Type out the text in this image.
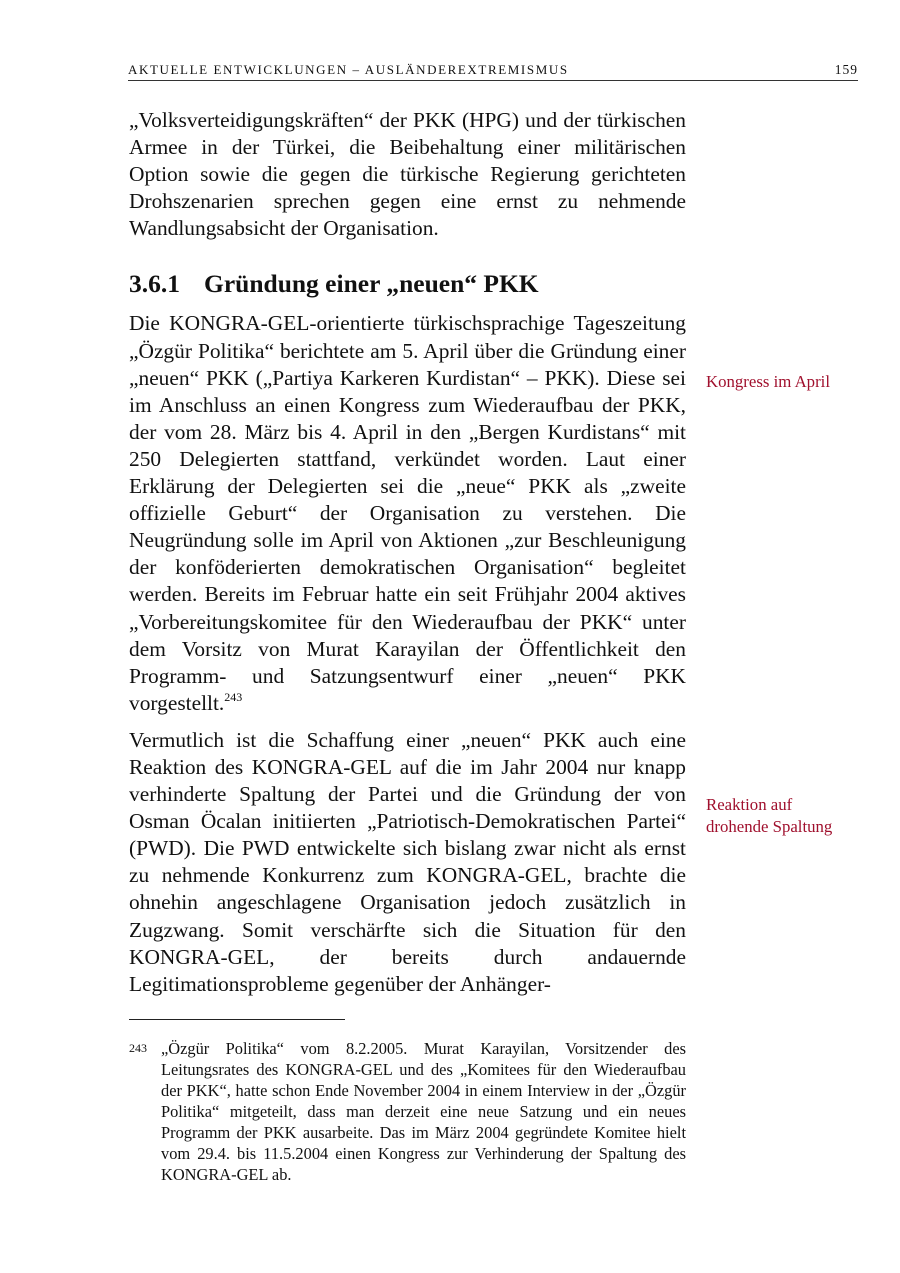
AKTUELLE ENTWICKLUNGEN – AUSLÄNDEREXTREMISMUS	159

„Volksverteidigungskräften“ der PKK (HPG) und der türkischen Armee in der Türkei, die Beibehaltung einer militärischen Option sowie die gegen die türkische Regierung gerichteten Drohszenarien sprechen gegen eine ernst zu nehmende Wandlungsabsicht der Organisation.

3.6.1 Gründung einer „neuen“ PKK

Die KONGRA-GEL-orientierte türkischsprachige Tageszeitung „Özgür Politika“ berichtete am 5. April über die Gründung einer „neuen“ PKK („Partiya Karkeren Kurdistan“ – PKK). Diese sei im Anschluss an einen Kongress zum Wiederaufbau der PKK, der vom 28. März bis 4. April in den „Bergen Kurdistans“ mit 250 Delegierten stattfand, verkündet worden. Laut einer Erklärung der Delegierten sei die „neue“ PKK als „zweite offizielle Geburt“ der Organisation zu verstehen. Die Neugründung solle im April von Aktionen „zur Beschleunigung der konföderierten demokratischen Organisation“ begleitet werden. Bereits im Februar hatte ein seit Frühjahr 2004 aktives „Vorbereitungskomitee für den Wiederaufbau der PKK“ unter dem Vorsitz von Murat Karayilan der Öffentlichkeit den Programm- und Satzungsentwurf einer „neuen“ PKK vorgestellt.$^{243}$

Vermutlich ist die Schaffung einer „neuen“ PKK auch eine Reaktion des KONGRA-GEL auf die im Jahr 2004 nur knapp verhinderte Spaltung der Partei und die Gründung der von Osman Öcalan initiierten „Patriotisch-Demokratischen Partei“ (PWD). Die PWD entwickelte sich bislang zwar nicht als ernst zu nehmende Konkurrenz zum KONGRA-GEL, brachte die ohnehin angeschlagene Organisation jedoch zusätzlich in Zugzwang. Somit verschärfte sich die Situation für den KONGRA-GEL, der bereits durch andauernde Legitimationsprobleme gegenüber der Anhänger-

Kongress im April
Reaktion auf
drohende Spaltung
243 „Özgür Politika“ vom 8.2.2005. Murat Karayilan, Vorsitzender des Leitungsrates des KONGRA-GEL und des „Komitees für den Wiederaufbau der PKK“, hatte schon Ende November 2004 in einem Interview in der „Özgür Politika“ mitgeteilt, dass man derzeit eine neue Satzung und ein neues Programm der PKK ausarbeite. Das im März 2004 gegründete Komitee hielt vom 29.4. bis 11.5.2004 einen Kongress zur Verhinderung der Spaltung des KONGRA-GEL ab.
